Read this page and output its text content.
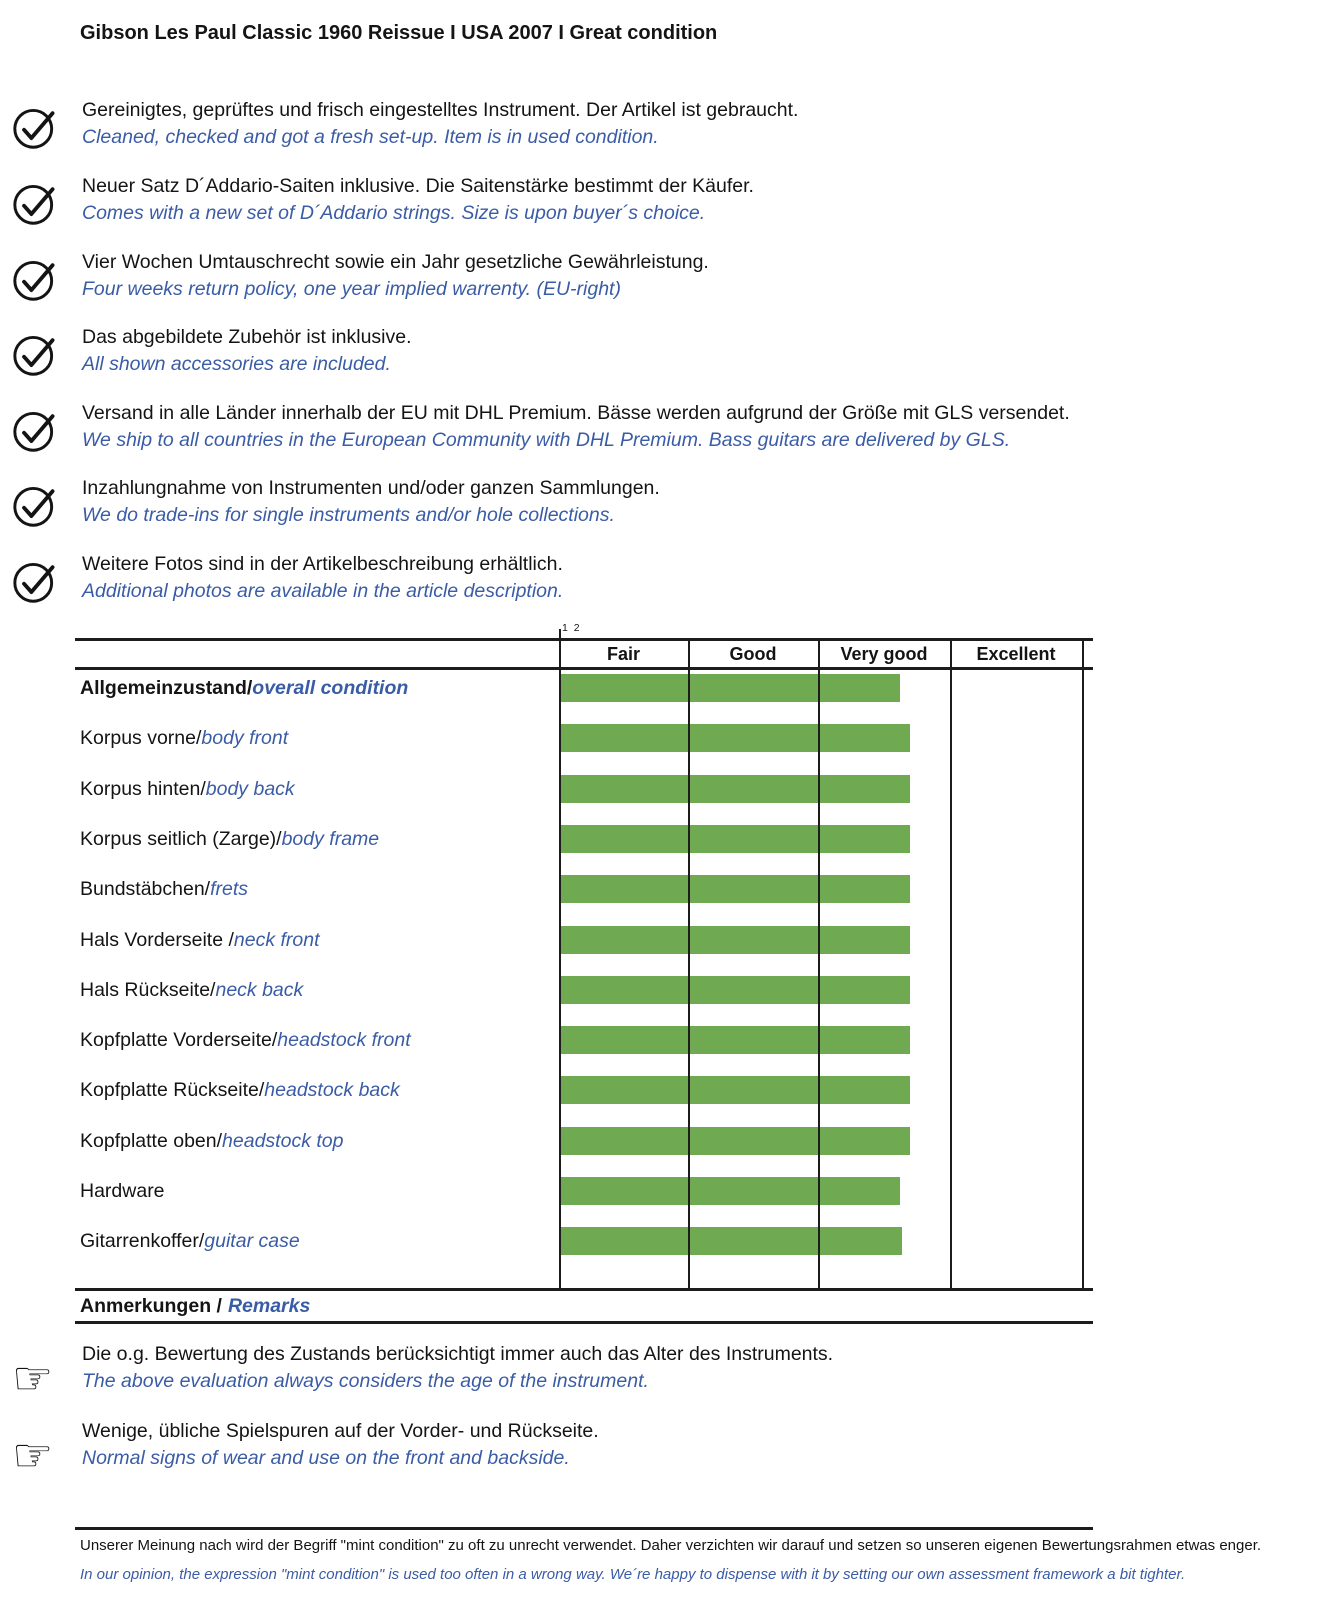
Gibson Les Paul Classic 1960 Reissue I USA 2007 I Great condition
Gereinigtes, geprüftes und frisch eingestelltes Instrument. Der Artikel ist gebraucht.
Cleaned, checked and got a fresh set-up. Item is in used condition.
Neuer Satz D´Addario-Saiten inklusive. Die Saitenstärke bestimmt der Käufer.
Comes with a new set of D´Addario strings. Size is upon buyer´s choice.
Vier Wochen Umtauschrecht sowie ein Jahr gesetzliche Gewährleistung.
Four weeks return policy, one year implied warrenty. (EU-right)
Das abgebildete Zubehör ist inklusive.
All shown accessories are included.
Versand in alle Länder innerhalb der EU mit DHL Premium. Bässe werden aufgrund der Größe mit GLS versendet.
We ship to all countries in the European Community with DHL Premium. Bass guitars are delivered by GLS.
Inzahlungnahme von Instrumenten und/oder ganzen Sammlungen.
We do trade-ins for single instruments and/or hole collections.
Weitere Fotos sind in der Artikelbeschreibung erhältlich.
Additional photos are available in the article description.
1 2
Fair	Good	Very good	Excellent
Allgemeinzustand/ overall condition
Korpus vorne/ body front
Korpus hinten/ body back
Korpus seitlich (Zarge)/ body frame
Bundstäbchen/ frets
Hals Vorderseite / neck front
Hals Rückseite/ neck back
Kopfplatte Vorderseite/ headstock front
Kopfplatte Rückseite/ headstock back
Kopfplatte oben/ headstock top
Hardware
Gitarrenkoffer/ guitar case
Anmerkungen / Remarks
☞ Die o.g. Bewertung des Zustands berücksichtigt immer auch das Alter des Instruments.
The above evaluation always considers the age of the instrument.
☞ Wenige, übliche Spielspuren auf der Vorder- und Rückseite.
Normal signs of wear and use on the front and backside.
Unserer Meinung nach wird der Begriff "mint condition" zu oft zu unrecht verwendet. Daher verzichten wir darauf und setzen so unseren eigenen Bewertungsrahmen etwas enger.
In our opinion, the expression "mint condition" is used too often in a wrong way. We´re happy to dispense with it by setting our own assessment framework a bit tighter.
